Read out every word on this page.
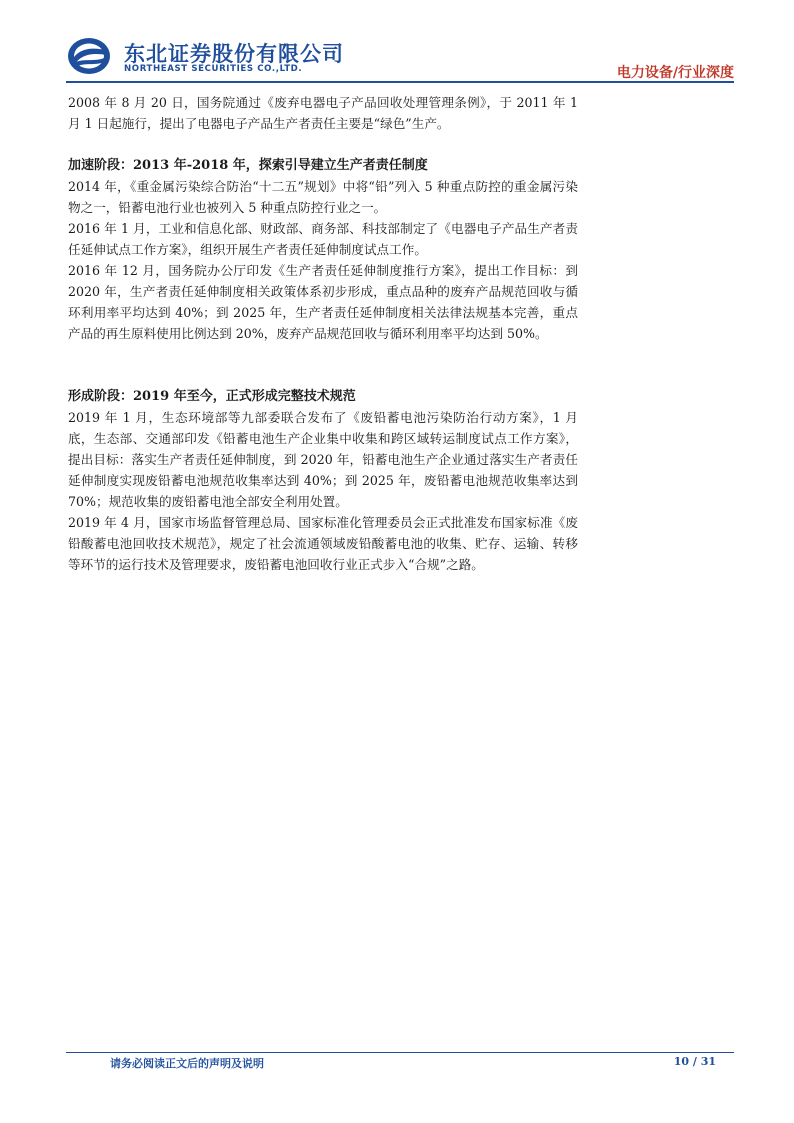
东北证券股份有限公司
NORTHEAST SECURITIES CO.,LTD.	电力设备/行业深度

2008 年 8 月 20 日，国务院通过《废弃电器电子产品回收处理管理条例》，于 2011 年 1 月 1 日起施行，提出了电器电子产品生产者责任主要是“绿色”生产。

加速阶段：2013 年-2018 年，探索引导建立生产者责任制度

2014 年，《重金属污染综合防治“十二五”规划》中将“铅”列入 5 种重点防控的重金属污染物之一，铅蓄电池行业也被列入 5 种重点防控行业之一。

2016 年 1 月，工业和信息化部、财政部、商务部、科技部制定了《电器电子产品生产者责任延伸试点工作方案》，组织开展生产者责任延伸制度试点工作。

2016 年 12 月，国务院办公厅印发《生产者责任延伸制度推行方案》，提出工作目标：到 2020 年，生产者责任延伸制度相关政策体系初步形成，重点品种的废弃产品规范回收与循环利用率平均达到 40%；到 2025 年，生产者责任延伸制度相关法律法规基本完善，重点产品的再生原料使用比例达到 20%，废弃产品规范回收与循环利用率平均达到 50%。

形成阶段：2019 年至今，正式形成完整技术规范

2019 年 1 月，生态环境部等九部委联合发布了《废铅蓄电池污染防治行动方案》，1 月底，生态部、交通部印发《铅蓄电池生产企业集中收集和跨区域转运制度试点工作方案》，提出目标：落实生产者责任延伸制度，到 2020 年，铅蓄电池生产企业通过落实生产者责任延伸制度实现废铅蓄电池规范收集率达到 40%；到 2025 年，废铅蓄电池规范收集率达到 70%；规范收集的废铅蓄电池全部安全利用处置。

2019 年 4 月，国家市场监督管理总局、国家标准化管理委员会正式批准发布国家标准《废铅酸蓄电池回收技术规范》，规定了社会流通领域废铅酸蓄电池的收集、贮存、运输、转移等环节的运行技术及管理要求，废铅蓄电池回收行业正式步入“合规”之路。

请务必阅读正文后的声明及说明	10 / 31
